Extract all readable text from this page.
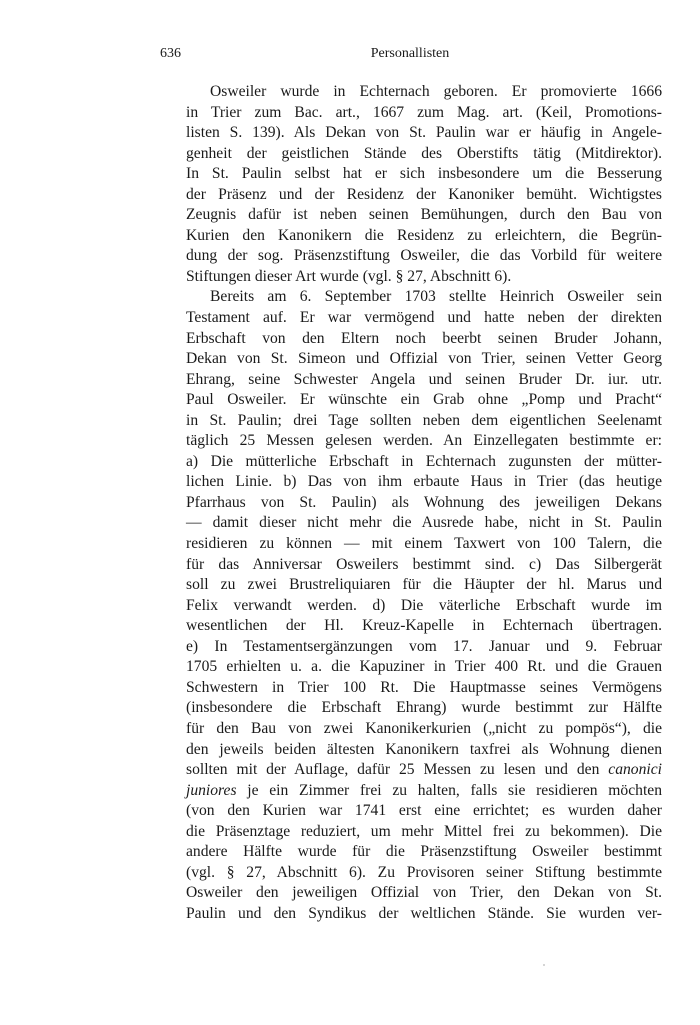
636	Personallisten
Osweiler wurde in Echternach geboren. Er promovierte 1666
in Trier zum Bac. art., 1667 zum Mag. art. (Keil, Promotions-
listen S. 139). Als Dekan von St. Paulin war er häufig in Angele-
genheit der geistlichen Stände des Oberstifts tätig (Mitdirektor).
In St. Paulin selbst hat er sich insbesondere um die Besserung
der Präsenz und der Residenz der Kanoniker bemüht. Wichtigstes
Zeugnis dafür ist neben seinen Bemühungen, durch den Bau von
Kurien den Kanonikern die Residenz zu erleichtern, die Begrün-
dung der sog. Präsenzstiftung Osweiler, die das Vorbild für weitere
Stiftungen dieser Art wurde (vgl. § 27, Abschnitt 6).
Bereits am 6. September 1703 stellte Heinrich Osweiler sein
Testament auf. Er war vermögend und hatte neben der direkten
Erbschaft von den Eltern noch beerbt seinen Bruder Johann,
Dekan von St. Simeon und Offizial von Trier, seinen Vetter Georg
Ehrang, seine Schwester Angela und seinen Bruder Dr. iur. utr.
Paul Osweiler. Er wünschte ein Grab ohne „Pomp und Pracht“
in St. Paulin; drei Tage sollten neben dem eigentlichen Seelenamt
täglich 25 Messen gelesen werden. An Einzellegaten bestimmte er:
a) Die mütterliche Erbschaft in Echternach zugunsten der mütter-
lichen Linie. b) Das von ihm erbaute Haus in Trier (das heutige
Pfarrhaus von St. Paulin) als Wohnung des jeweiligen Dekans
— damit dieser nicht mehr die Ausrede habe, nicht in St. Paulin
residieren zu können — mit einem Taxwert von 100 Talern, die
für das Anniversar Osweilers bestimmt sind. c) Das Silbergerät
soll zu zwei Brustreliquiaren für die Häupter der hl. Marus und
Felix verwandt werden. d) Die väterliche Erbschaft wurde im
wesentlichen der Hl. Kreuz-Kapelle in Echternach übertragen.
e) In Testamentsergänzungen vom 17. Januar und 9. Februar
1705 erhielten u. a. die Kapuziner in Trier 400 Rt. und die Grauen
Schwestern in Trier 100 Rt. Die Hauptmasse seines Vermögens
(insbesondere die Erbschaft Ehrang) wurde bestimmt zur Hälfte
für den Bau von zwei Kanonikerkurien („nicht zu pompös“), die
den jeweils beiden ältesten Kanonikern taxfrei als Wohnung dienen
sollten mit der Auflage, dafür 25 Messen zu lesen und den canonici
juniores je ein Zimmer frei zu halten, falls sie residieren möchten
(von den Kurien war 1741 erst eine errichtet; es wurden daher
die Präsenztage reduziert, um mehr Mittel frei zu bekommen). Die
andere Hälfte wurde für die Präsenzstiftung Osweiler bestimmt
(vgl. § 27, Abschnitt 6). Zu Provisoren seiner Stiftung bestimmte
Osweiler den jeweiligen Offizial von Trier, den Dekan von St.
Paulin und den Syndikus der weltlichen Stände. Sie wurden ver-
